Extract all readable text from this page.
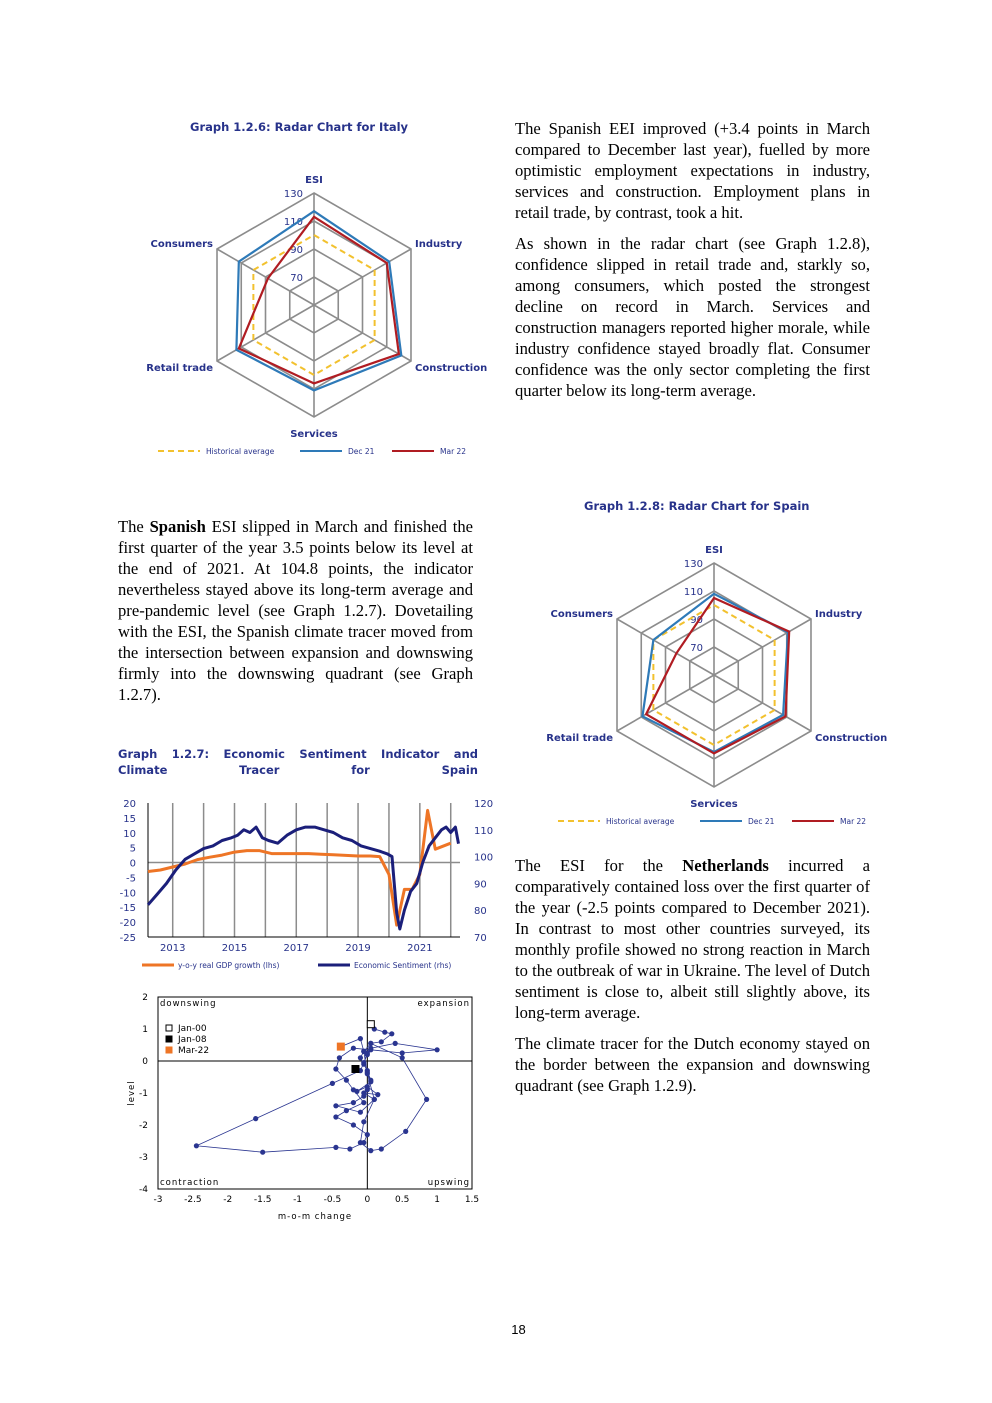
Graph 1.2.6: Radar Chart for Italy
70
90
110
130
ESI
Industry
Construction
Services
Retail trade
Consumers
Historical average	Dec 21	Mar 22

The Spanish EEI improved (+3.4 points in March compared to December last year), fuelled by more optimistic employment expectations in industry, services and construction. Employment plans in retail trade, by contrast, took a hit.

As shown in the radar chart (see Graph 1.2.8), confidence slipped in retail trade and, starkly so, among consumers, which posted the strongest decline on record in March. Services and construction managers reported higher morale, while industry confidence stayed broadly flat. Consumer confidence was the only sector completing the first quarter below its long-term average.

Graph 1.2.8: Radar Chart for Spain
70
90
110
130
ESI
Industry
Construction
Services
Retail trade
Consumers
Historical average	Dec 21	Mar 22

The Spanish ESI slipped in March and finished the first quarter of the year 3.5 points below its level at the end of 2021. At 104.8 points, the indicator nevertheless stayed above its long-term average and pre-pandemic level (see Graph 1.2.7). Dovetailing with the ESI, the Spanish climate tracer moved from the intersection between expansion and downswing firmly into the downswing quadrant (see Graph 1.2.7).

Graph 1.2.7: Economic Sentiment Indicator and Climate Tracer for Spain
20
15
10
5
0
-5
-10
-15
-20
-25
120
110
100
90
80
70
2013	2015	2017	2019	2021
y-o-y real GDP growth (lhs)	Economic Sentiment (rhs)
-3 -2.5 -2 -1.5 -1 -0.5	0	0.5	1	1.5
2
1
0
-1
-2
-3
-4
m-o-m change
level
downswing	expansion
contraction	upswing
Jan-00
Jan-08
Mar-22

The ESI for the Netherlands incurred a comparatively contained loss over the first quarter of the year (-2.5 points compared to December 2021). In contrast to most other countries surveyed, its monthly profile showed no strong reaction in March to the outbreak of war in Ukraine. The level of Dutch sentiment is close to, albeit still slightly above, its long-term average.

The climate tracer for the Dutch economy stayed on the border between the expansion and downswing quadrant (see Graph 1.2.9).

18
